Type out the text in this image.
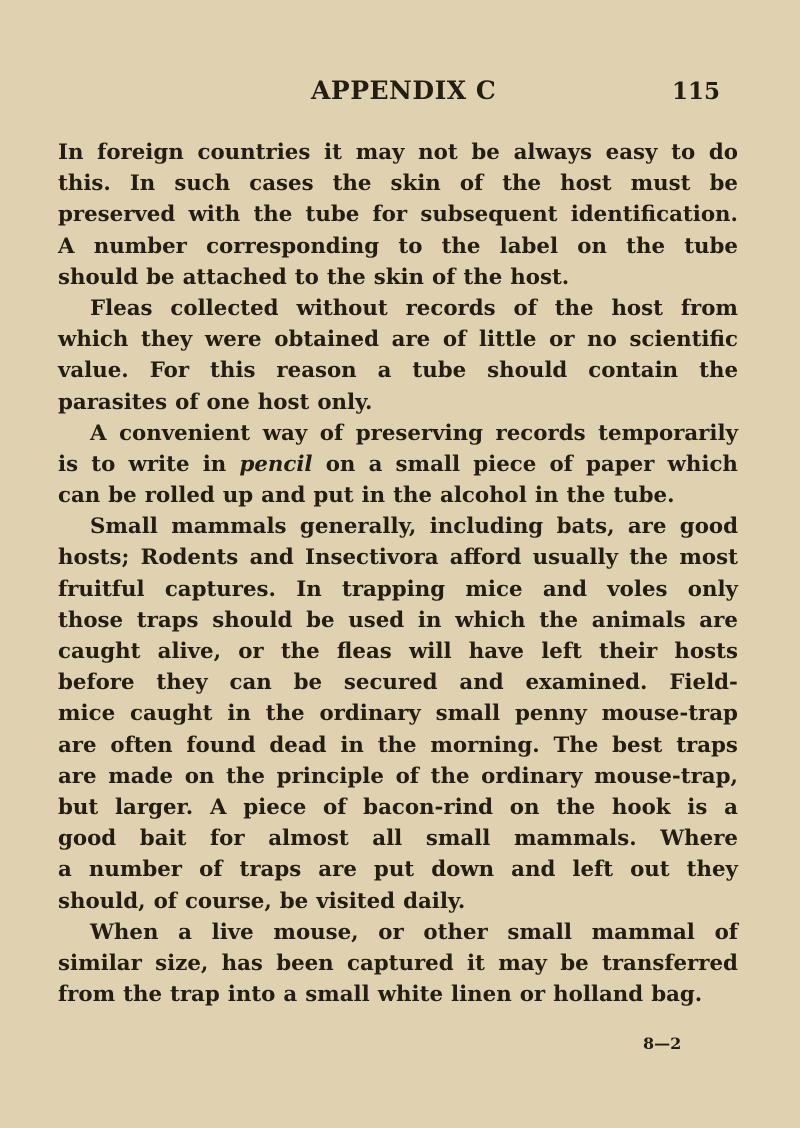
APPENDIX C	115
In foreign countries it may not be always easy to do
this. In such cases the skin of the host must be
preserved with the tube for subsequent identification.
A number corresponding to the label on the tube
should be attached to the skin of the host.
Fleas collected without records of the host from
which they were obtained are of little or no scientific
value. For this reason a tube should contain the
parasites of one host only.
A convenient way of preserving records temporarily
is to write in pencil on a small piece of paper which
can be rolled up and put in the alcohol in the tube.
Small mammals generally, including bats, are good
hosts; Rodents and Insectivora afford usually the most
fruitful captures. In trapping mice and voles only
those traps should be used in which the animals are
caught alive, or the fleas will have left their hosts
before they can be secured and examined. Field-
mice caught in the ordinary small penny mouse-trap
are often found dead in the morning. The best traps
are made on the principle of the ordinary mouse-trap,
but larger. A piece of bacon-rind on the hook is a
good bait for almost all small mammals. Where
a number of traps are put down and left out they
should, of course, be visited daily.
When a live mouse, or other small mammal of
similar size, has been captured it may be transferred
from the trap into a small white linen or holland bag.
8—2
